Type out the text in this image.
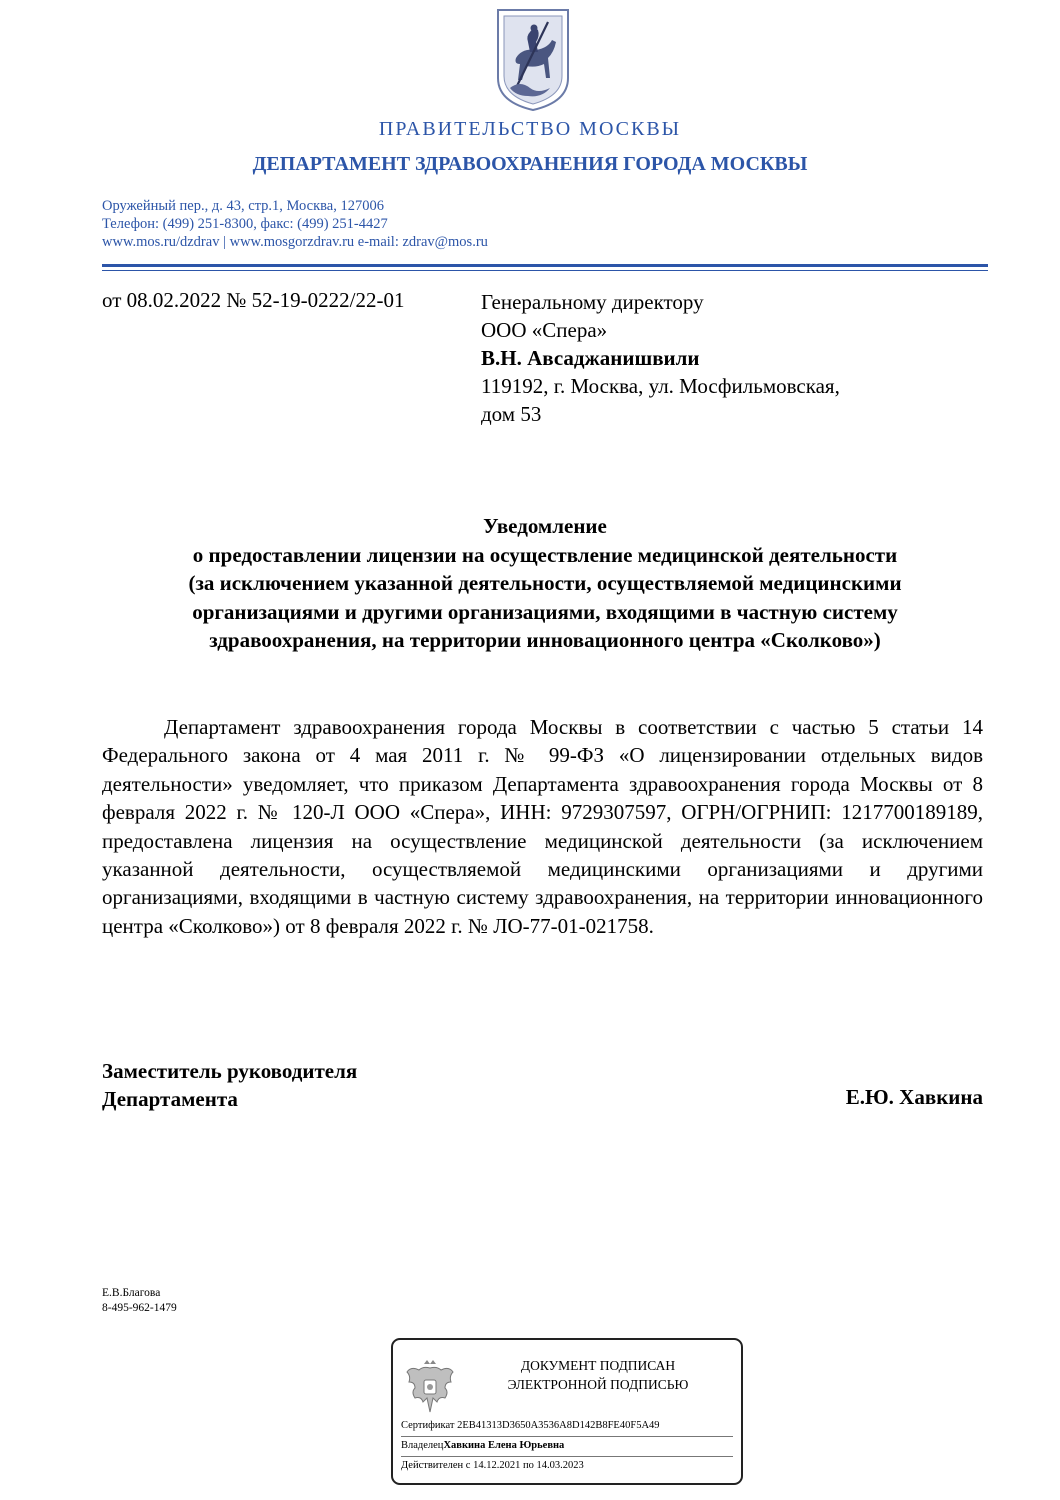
ПРАВИТЕЛЬСТВО МОСКВЫ
ДЕПАРТАМЕНТ ЗДРАВООХРАНЕНИЯ ГОРОДА МОСКВЫ
Оружейный пер., д. 43, стр.1, Москва, 127006
Телефон: (499) 251-8300, факс: (499) 251-4427
www.mos.ru/dzdrav | www.mosgorzdrav.ru e-mail: zdrav@mos.ru
от 08.02.2022 № 52-19-0222/22-01	Генеральному директору
ООО «Спера»
В.Н. Авсаджанишвили
119192, г. Москва, ул. Мосфильмовская,
дом 53
Уведомление
о предоставлении лицензии на осуществление медицинской деятельности
(за исключением указанной деятельности, осуществляемой медицинскими
организациями и другими организациями, входящими в частную систему
здравоохранения, на территории инновационного центра «Сколково»)

Департамент здравоохранения города Москвы в соответствии с частью 5 статьи 14 Федерального закона от 4 мая 2011 г. № 99-ФЗ «О лицензировании отдельных видов деятельности» уведомляет, что приказом Департамента здравоохранения города Москвы от 8 февраля 2022 г. № 120-Л ООО «Спера», ИНН: 9729307597, ОГРН/ОГРНИП: 1217700189189, предоставлена лицензия на осуществление медицинской деятельности (за исключением указанной деятельности, осуществляемой медицинскими организациями и другими организациями, входящими в частную систему здравоохранения, на территории инновационного центра «Сколково») от 8 февраля 2022 г. № ЛО-77-01-021758.

Заместитель руководителя
Департамента	Е.Ю. Хавкина
Е.В.Благова
8-495-962-1479
ДОКУМЕНТ ПОДПИСАН
ЭЛЕКТРОННОЙ ПОДПИСЬЮ
Сертификат 2EB41313D3650A3536A8D142B8FE40F5A49
ВладелецХавкина Елена Юрьевна
Действителен с 14.12.2021 по 14.03.2023
